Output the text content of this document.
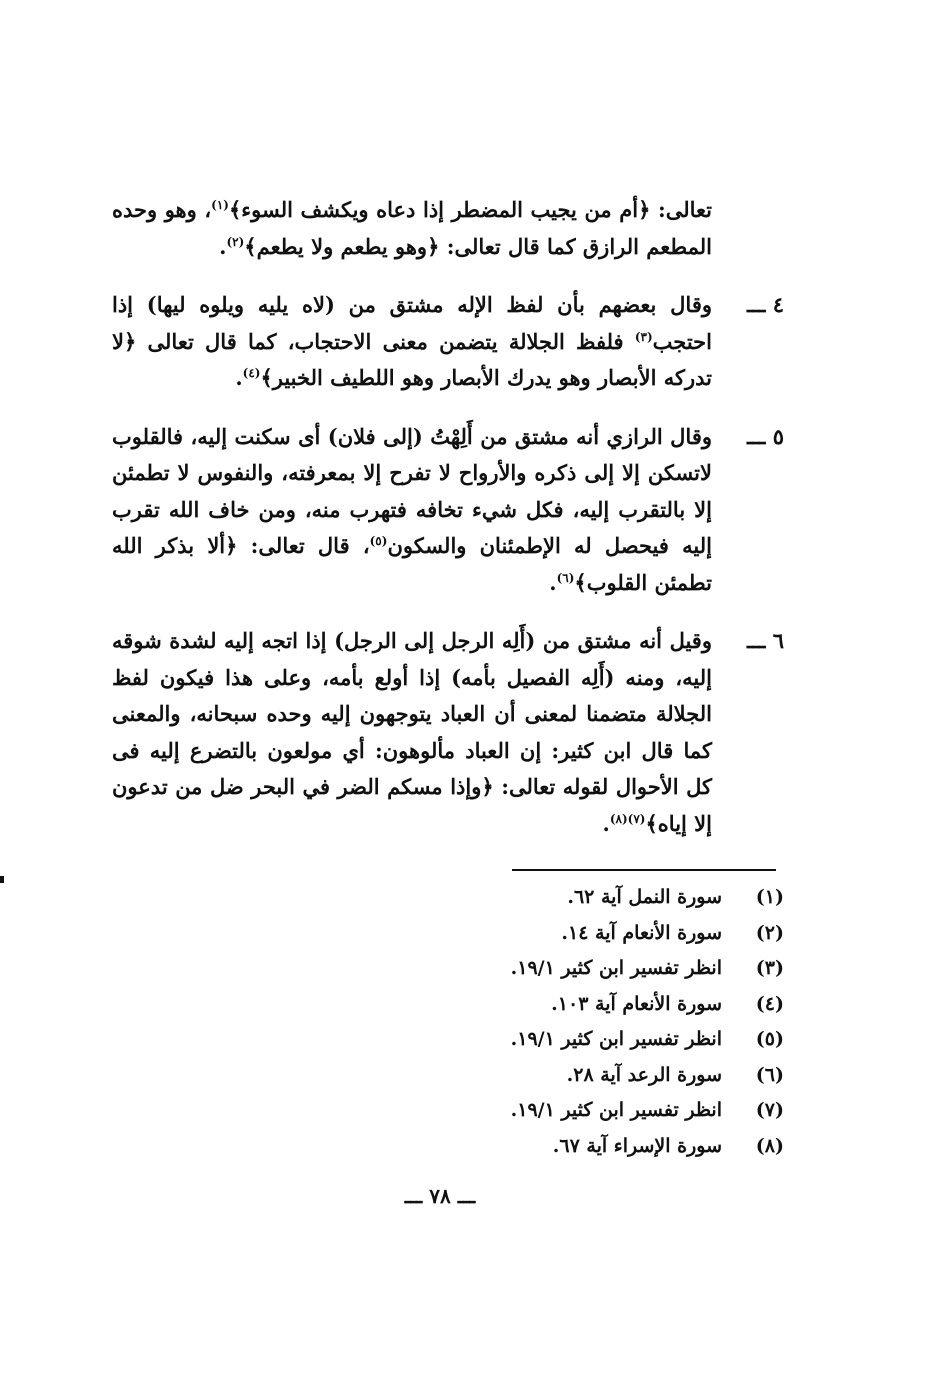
تعالى: ﴿أم من يجيب المضطر إذا دعاه ويكشف السوء﴾$^{(١)}$، وهو وحده المطعم الرازق كما قال تعالى: ﴿وهو يطعم ولا يطعم﴾$^{(٢)}$.

٤ ـــ
وقال بعضهم بأن لفظ الإله مشتق من (لاه يليه ويلوه ليها) إذا احتجب$^{(٣)}$ فلفظ الجلالة يتضمن معنى الاحتجاب، كما قال تعالى ﴿لا تدركه الأبصار وهو يدرك الأبصار وهو اللطيف الخبير﴾$^{(٤)}$.

٥ ـــ
وقال الرازي أنه مشتق من أَلِهْتُ (إلى فلان) أى سكنت إليه، فالقلوب لاتسكن إلا إلى ذكره والأرواح لا تفرح إلا بمعرفته، والنفوس لا تطمئن إلا بالتقرب إليه، فكل شيء تخافه فتهرب منه، ومن خاف الله تقرب إليه فيحصل له الإطمئنان والسكون$^{(٥)}$، قال تعالى: ﴿ألا بذكر الله تطمئن القلوب﴾$^{(٦)}$.

٦ ـــ
وقيل أنه مشتق من (أَلِه الرجل إلى الرجل) إذا اتجه إليه لشدة شوقه إليه، ومنه (أَلِه الفصيل بأمه) إذا أولع بأمه، وعلى هذا فيكون لفظ الجلالة متضمنا لمعنى أن العباد يتوجهون إليه وحده سبحانه، والمعنى كما قال ابن كثير: إن العباد مألوهون: أي مولعون بالتضرع إليه فى كل الأحوال لقوله تعالى: ﴿وإذا مسكم الضر في البحر ضل من تدعون إلا إياه﴾$^{(٧)(٨)}$.

(١)
سورة النمل آية ٦٢.
(٢)
سورة الأنعام آية ١٤.
(٣)
انظر تفسير ابن كثير ١٩/١.
(٤)
سورة الأنعام آية ١٠٣.
(٥)
انظر تفسير ابن كثير ١٩/١.
(٦)
سورة الرعد آية ٢٨.
(٧)
انظر تفسير ابن كثير ١٩/١.
(٨)
سورة الإسراء آية ٦٧.
ـــ ٧٨ ـــ
